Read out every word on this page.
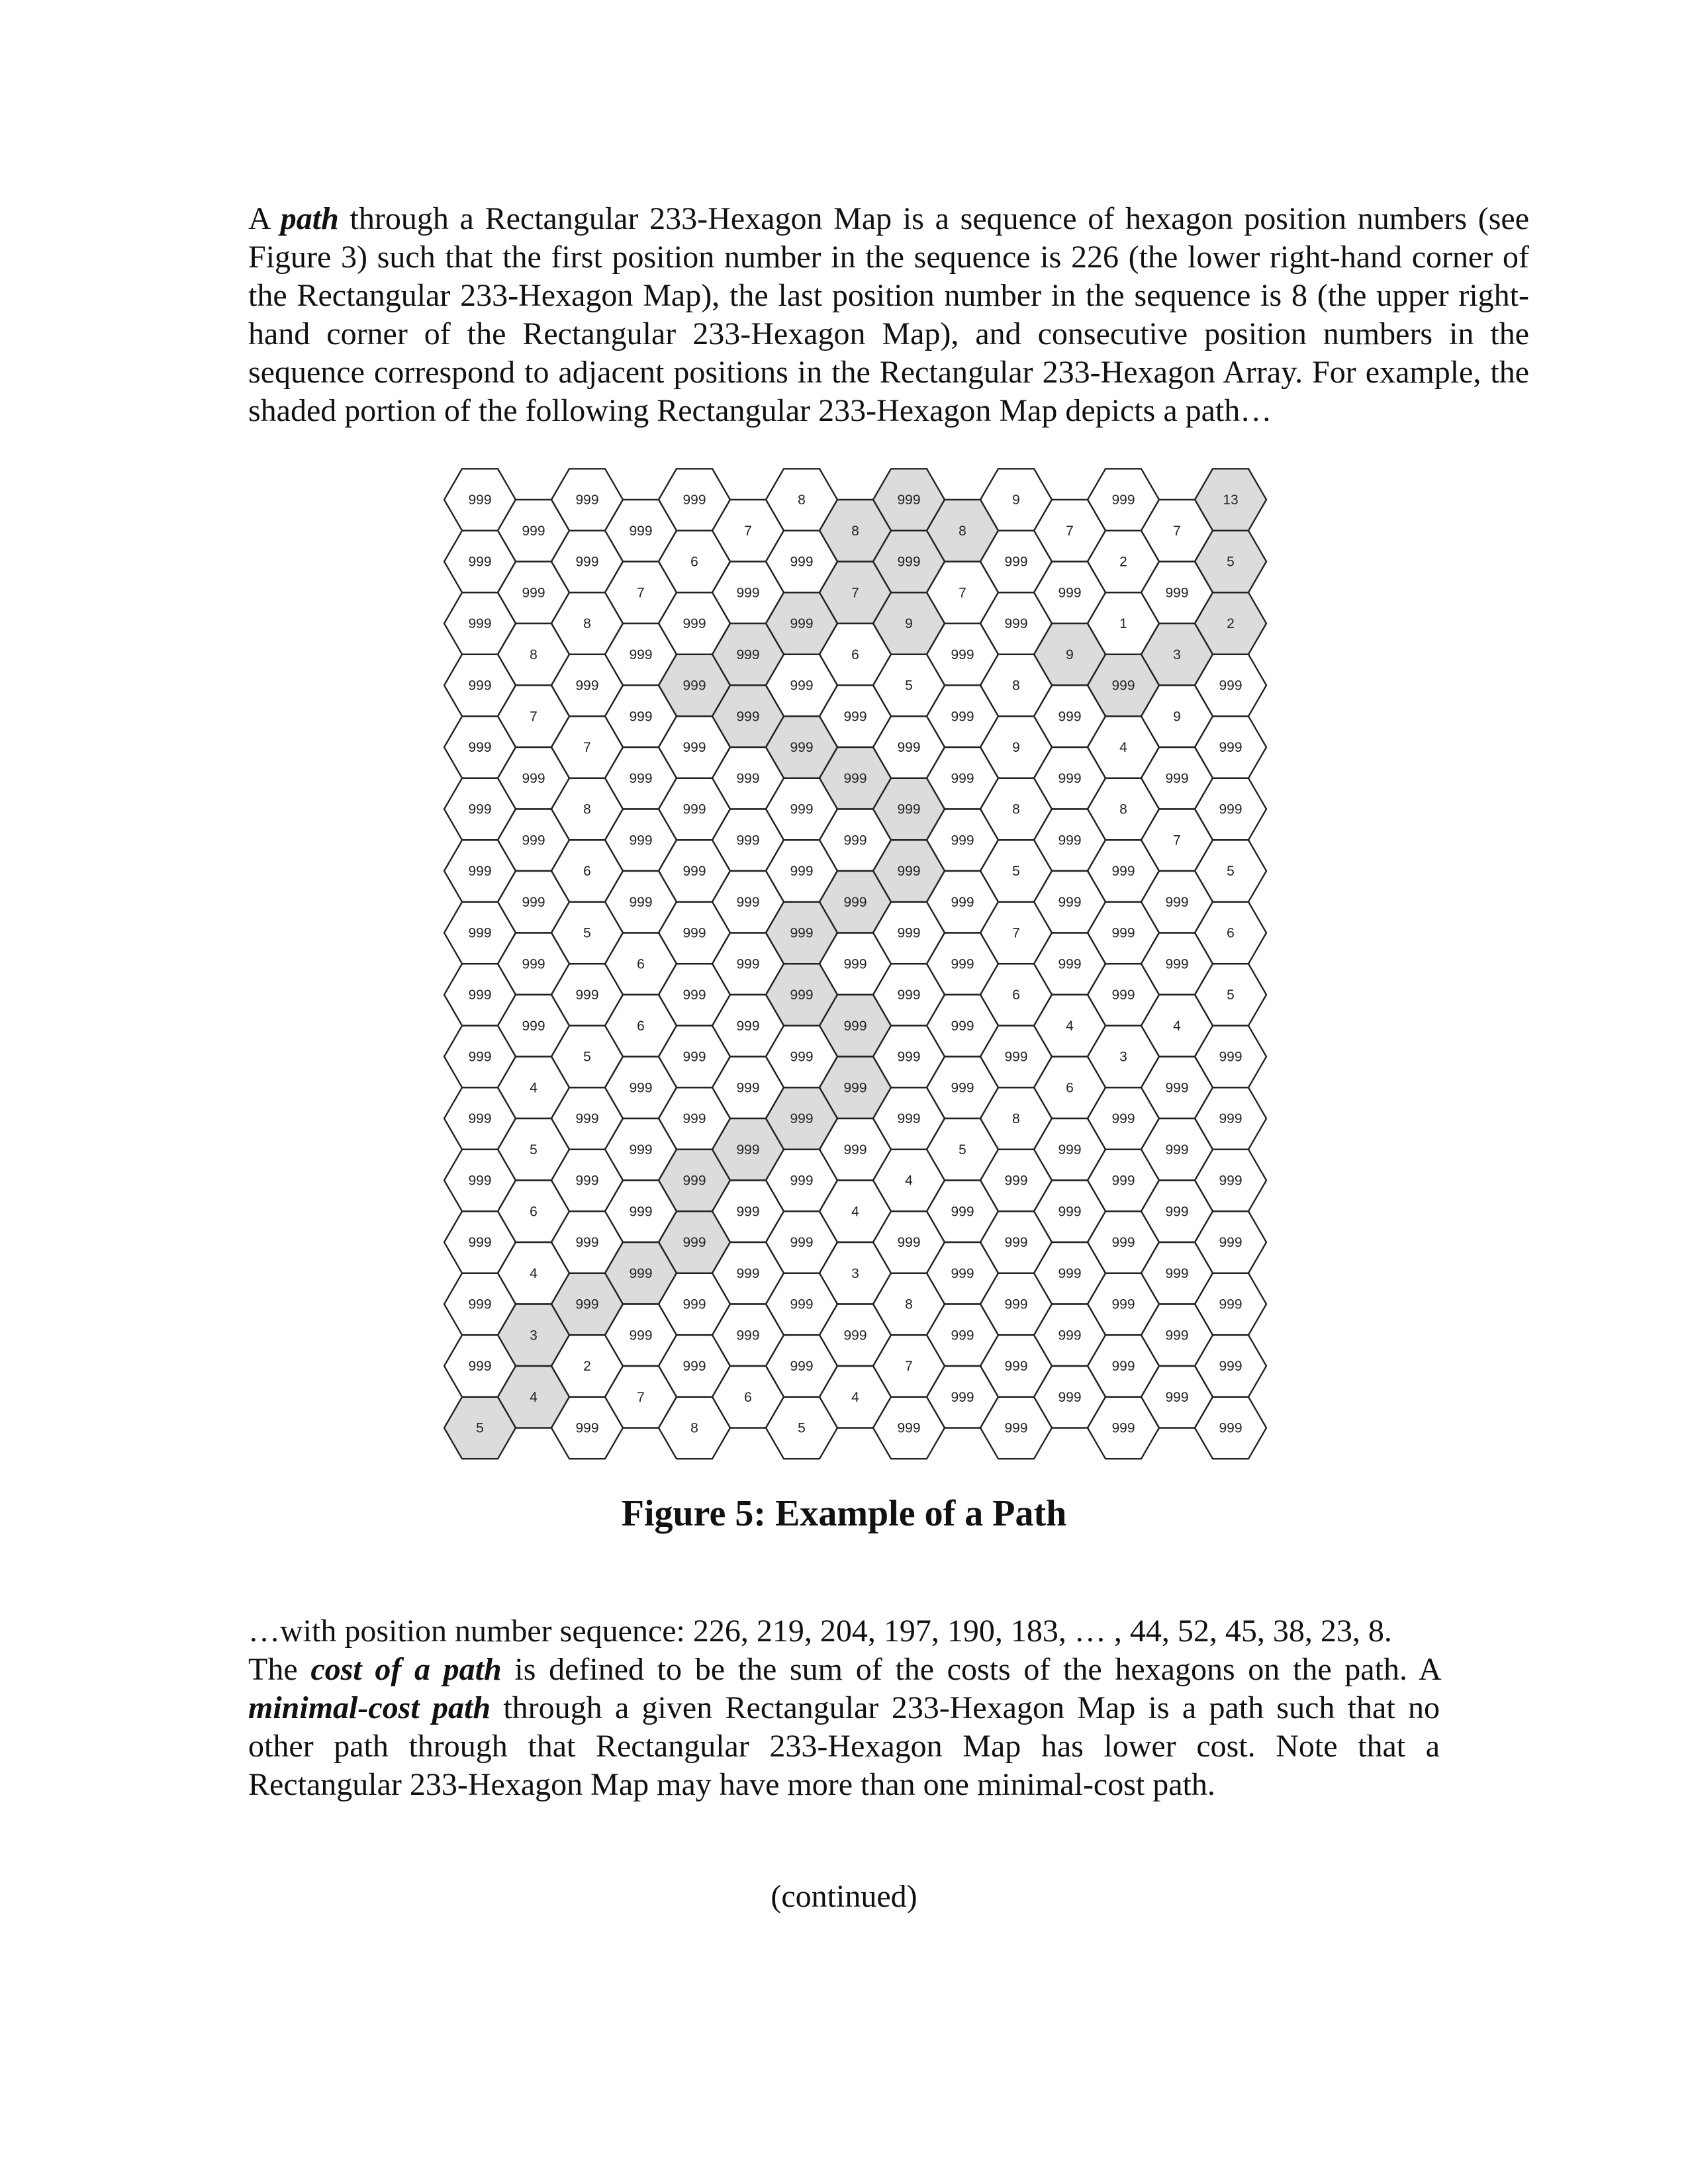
A path through a Rectangular 233-Hexagon Map is a sequence of hexagon position numbers (see Figure 3) such that the first position number in the sequence is 226 (the lower right-hand corner of the Rectangular 233-Hexagon Map), the last position number in the sequence is 8 (the upper right-hand corner of the Rectangular 233-Hexagon Map), and consecutive position numbers in the sequence correspond to adjacent positions in the Rectangular 233-Hexagon Array. For example, the shaded portion of the following Rectangular 233-Hexagon Map depicts a path…

999	999	999	8	999	9	999	13
999	999	7	8	8	7	7
999	999	6	999	999	999	2	5
999	7	999	7	7	999	999
999	8	999	999	9	999	1	2
8	999	999	6	999	9	3
999	999	999	999	5	8	999	999
7	999	999	999	999	999	9
999	7	999	999	999	9	4	999
999	999	999	999	999	999	999
999	8	999	999	999	8	8	999
999	999	999	999	999	999	7
999	6	999	999	999	5	999	5
999	999	999	999	999	999	999
999	5	999	999	999	7	999	6
999	6	999	999	999	999	999
999	999	999	999	999	6	999	5
999	6	999	999	999	4	4
999	5	999	999	999	999	3	999
4	999	999	999	999	6	999
999	999	999	999	999	8	999	999
5	999	999	999	5	999	999
999	999	999	999	4	999	999	999
6	999	999	4	999	999	999
999	999	999	999	999	999	999	999
4	999	999	3	999	999	999
999	999	999	999	8	999	999	999
3	999	999	999	999	999	999
999	2	999	999	7	999	999	999
4	7	6	4	999	999	999
5	999	8	5	999	999	999	999
Figure 5: Example of a Path
…with position number sequence: 226, 219, 204, 197, 190, 183, … , 44, 52, 45, 38, 23, 8.
The cost of a path is defined to be the sum of the costs of the hexagons on the path. A minimal-cost path through a given Rectangular 233-Hexagon Map is a path such that no other path through that Rectangular 233-Hexagon Map has lower cost. Note that a Rectangular 233-Hexagon Map may have more than one minimal-cost path.
(continued)
